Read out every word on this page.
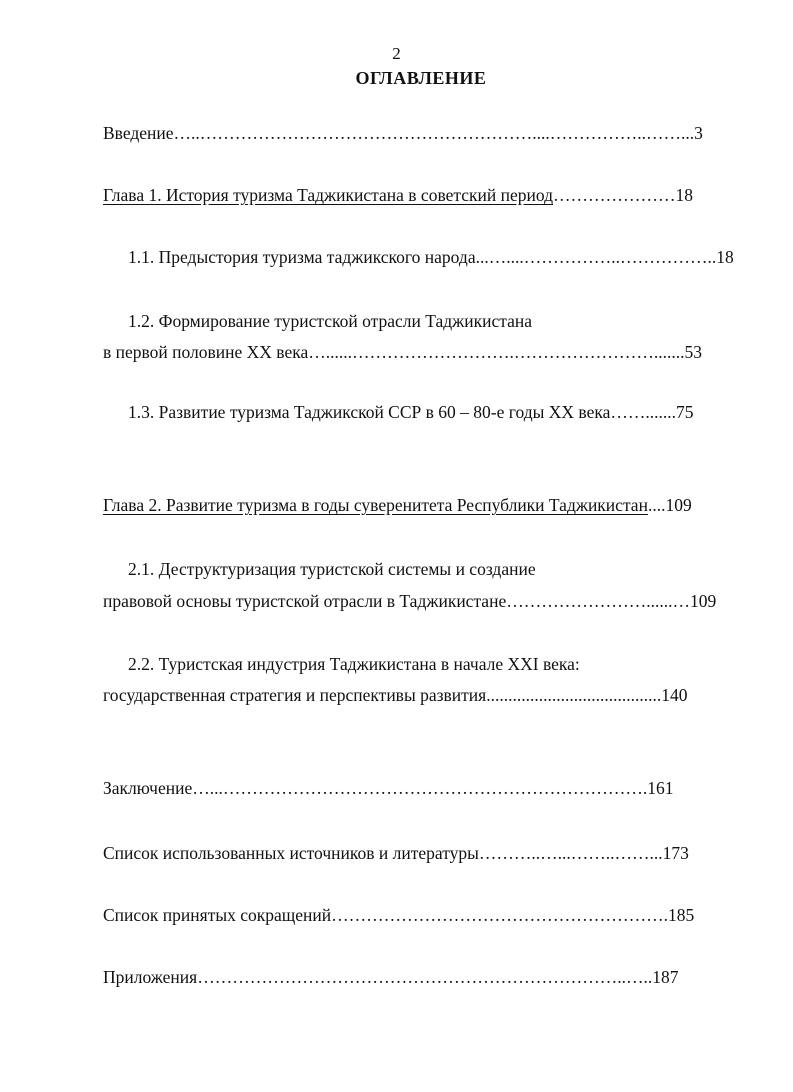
2
ОГЛАВЛЕНИЕ
Введение…..…………………………………………………....……………..……...3
Глава 1. История туризма Таджикистана в советский период…………………18
1.1. Предыстория туризма таджикского народа...…....……………..……………..18
1.2. Формирование туристской отрасли Таджикистана
в первой половине XX века…......……………………….…………………….......53
1.3. Развитие туризма Таджикской ССР в 60 – 80-е годы XX века…….......75
Глава 2. Развитие туризма в годы суверенитета Республики Таджикистан....109
2.1. Деструктуризация туристской системы и создание
правовой основы туристской отрасли в Таджикистане……………………......…109
2.2. Туристская индустрия Таджикистана в начале XXI века:
государственная стратегия и перспективы развития........................................140
Заключение…...……………………………………………………………….161
Список использованных источников и литературы………..…...……..……...173
Список принятых сокращений………………………………………………….185
Приложения………………………………………………………………..…..187
